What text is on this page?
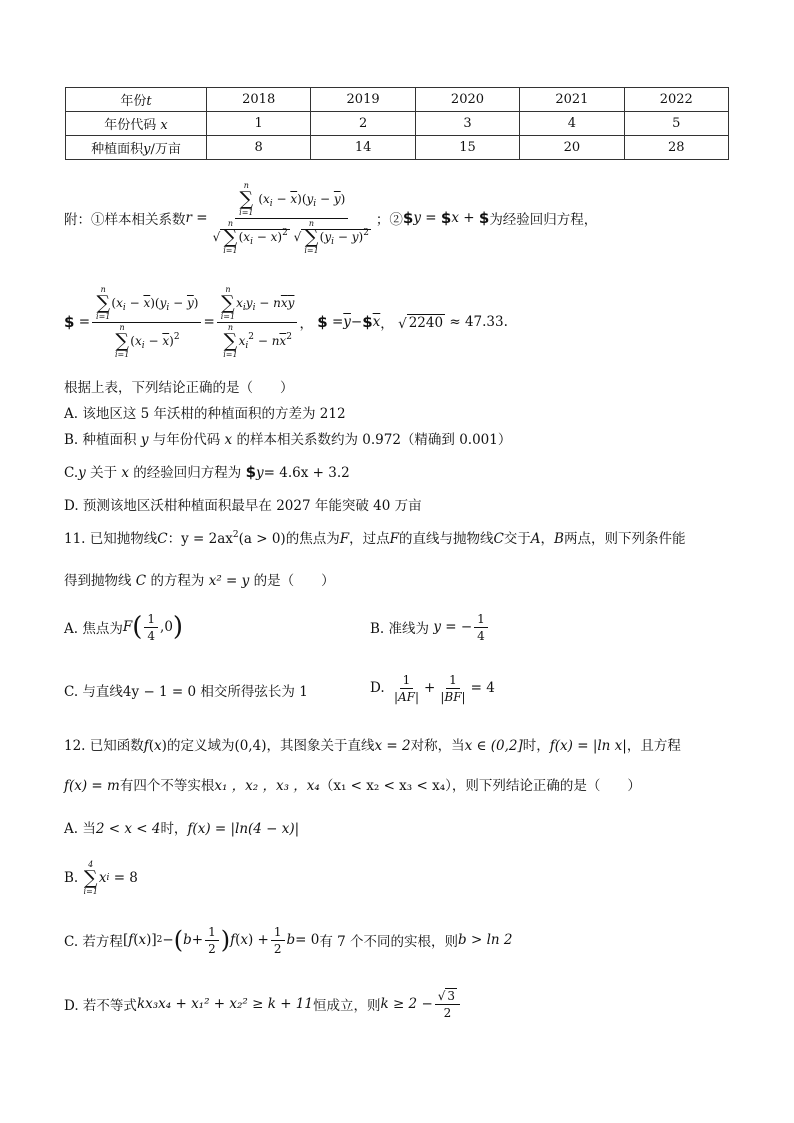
年份t	2018	2019	2020	2021	2022
年份代码 x	1	2	3	4	5
种植面积y/万亩	8	14	15	20	28
附：①样本相关系数 r = n
∑
i=1
$(x_i - \overline{x})(y_i - \overline{y})$
√
n
∑
i=1
$(x_i - \overline{x})^2$ √
n
∑
i=1
$(y_i - \overline{y})^2$ ；② $ y = $ x + $ 为经验回归方程，
$ = n
∑
i=1
$(x_i - \overline{x})(y_i - \overline{y})$
n
∑
i=1
$(x_i - \overline{x})^2 = n$
∑
i=1
$x_iy_i - n\overline{x}\overline{y}$
n
∑
i=1
$x_i^2 - n\overline{x}^2$ ， $ = $\overline{y}$ − $ $\overline{x}$ ， √ 2240
≈ 47.33.
根据上表，下列结论正确的是（　　）
A. 该地区这 5 年沃柑的种植面积的方差为 212
B. 种植面积 y 与年份代码 x 的样本相关系数约为 0.972（精确到 0.001）
C.y 关于 x 的经验回归方程为 $y= 4.6x + 3.2
D. 预测该地区沃柑种植面积最早在 2027 年能突破 40 万亩
11. 已知抛物线C：$y = 2ax^2(a > 0)$的焦点为F，过点F的直线与抛物线C交于A，B两点，则下列条件能
得到抛物线 C 的方程为 x² = y 的是（　　）
A. 焦点为 F ( $\frac{1}{4}$ , 0 )	B. 准线为
y = − $\frac{1}{4}$
C. 与直线4y − 1 = 0 相交所得弦长为 1	D.
$\frac{1}{|AF|} + \frac{1}{|BF|} = 4$
12. 已知函数f(x)的定义域为(0,4)，其图象关于直线x = 2对称，当x ∈ (0,2]时，f(x) = |ln x|，且方程
f(x) = m有四个不等实根x₁ ，x₂ ，x₃ ，x₄（x₁ < x₂ < x₃ < x₄），则下列结论正确的是（　　）
A. 当2 < x < 4时，f(x) = |ln(4 − x)|
B.

4
∑
i=1
x i
= 8
C. 若方程 [ f ( x )] 2 − ( $b + \frac{1}{2}$ ) f ( x ) + $\frac{1}{2}$ b = 0 有 7 个不同的实根，则 b > ln 2
D. 若不等式 kx₃x₄ + x₁² + x₂² ≥ k + 11 恒成立，则 $k \ge 2 - \frac{√ 3}{2}$
